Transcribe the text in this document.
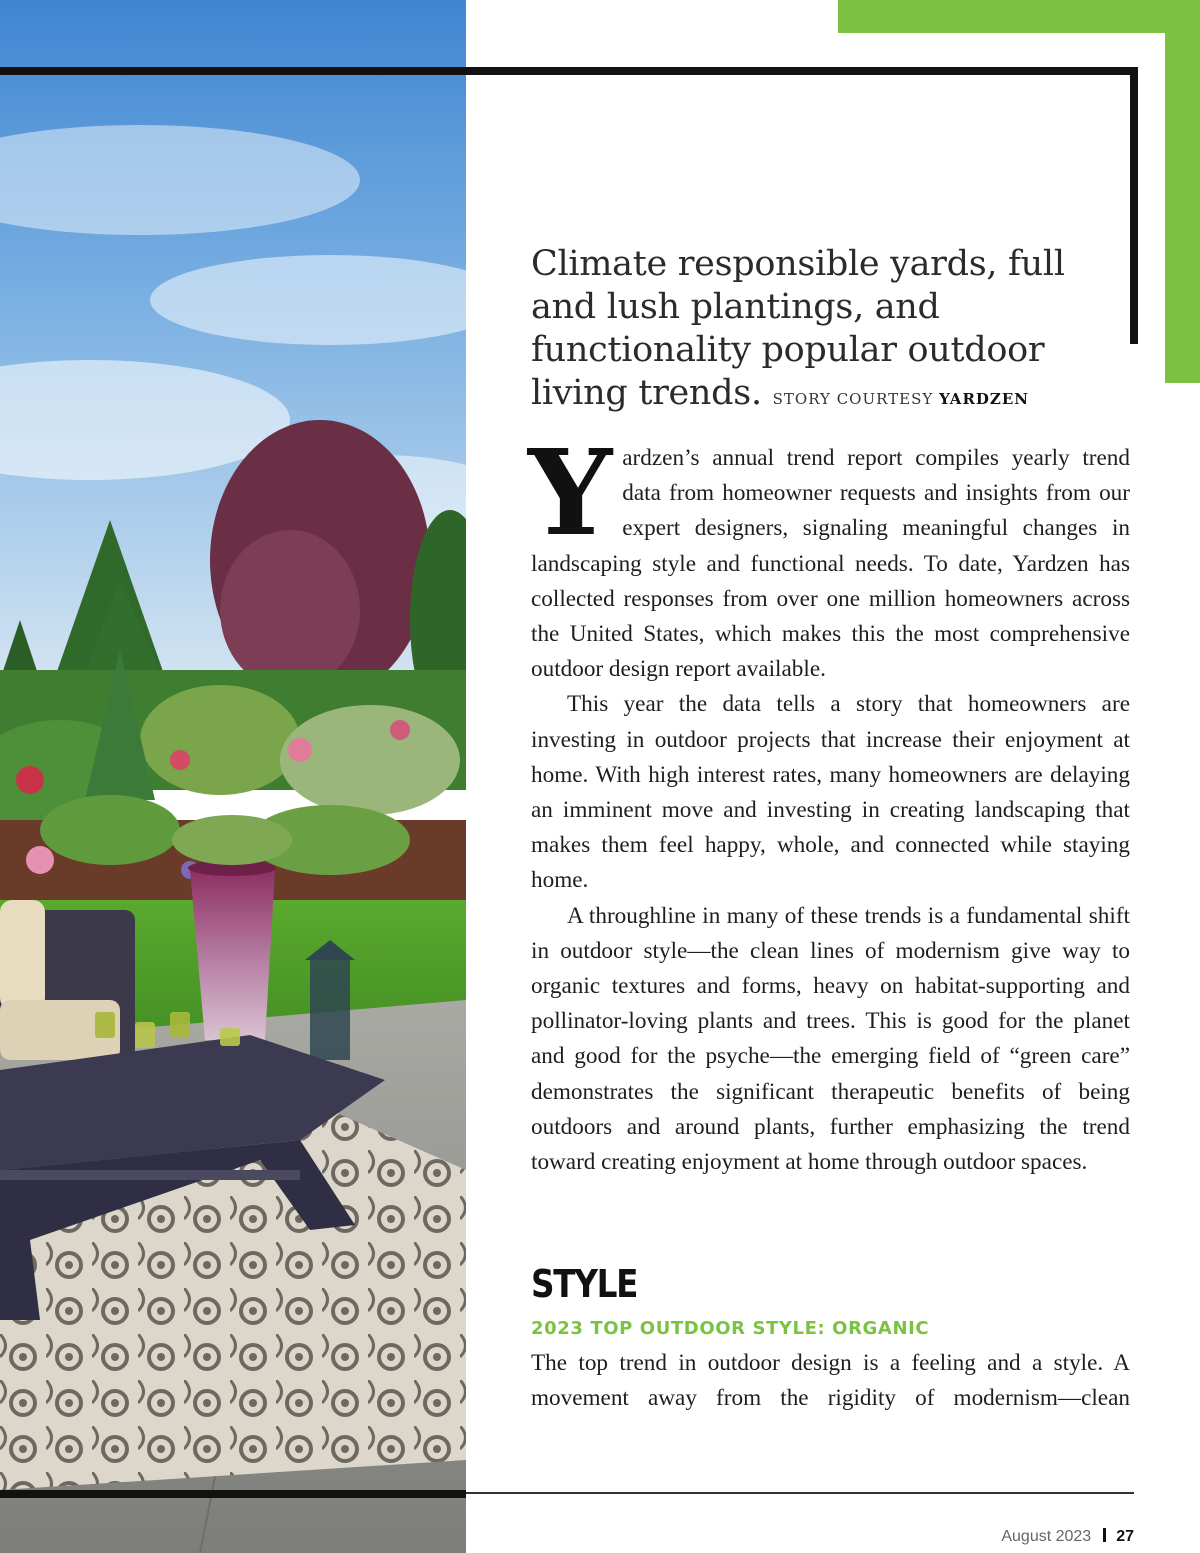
Climate responsible yards, full and lush plantings, and functionality popular outdoor living trends. STORY COURTESY YARDZEN

Yardzen’s annual trend report compiles yearly trend data from homeowner requests and insights from our expert designers, signaling meaningful changes in landscaping style and functional needs. To date, Yardzen has collected responses from over one million homeowners across the United States, which makes this the most comprehensive outdoor design report available.

This year the data tells a story that homeowners are investing in outdoor projects that increase their enjoyment at home. With high interest rates, many homeowners are delaying an imminent move and investing in creating landscaping that makes them feel happy, whole, and connected while staying home.

A throughline in many of these trends is a fundamental shift in outdoor style—the clean lines of modernism give way to organic textures and forms, heavy on habitat-supporting and pollinator-loving plants and trees. This is good for the planet and good for the psyche—the emerging field of “green care” demonstrates the significant therapeutic benefits of being outdoors and around plants, further emphasizing the trend toward creating enjoyment at home through outdoor spaces.

STYLE
2023 TOP OUTDOOR STYLE: ORGANIC
The top trend in outdoor design is a feeling and a style. A movement away from the rigidity of modernism—clean
August 2023 27
